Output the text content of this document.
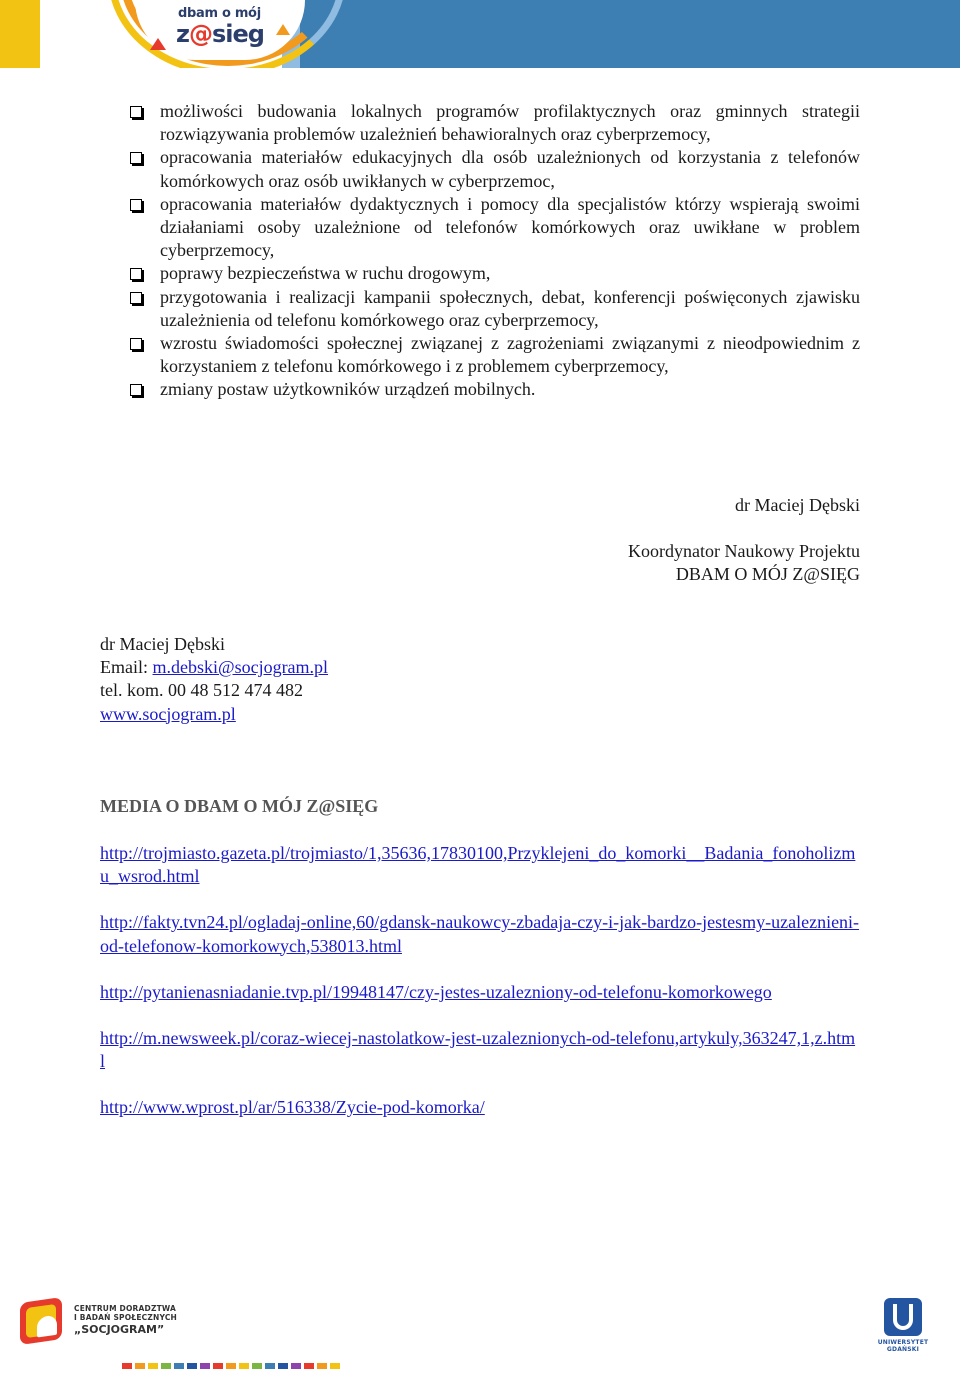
dbam o mój
z@sieg
możliwości budowania lokalnych programów profilaktycznych oraz gminnych strategii rozwiązywania problemów uzależnień behawioralnych oraz cyberprzemocy,
opracowania materiałów edukacyjnych dla osób uzależnionych od korzystania z telefonów komórkowych oraz osób uwikłanych w cyberprzemoc,
opracowania materiałów dydaktycznych i pomocy dla specjalistów którzy wspierają swoimi działaniami osoby uzależnione od telefonów komórkowych oraz uwikłane w problem cyberprzemocy,
poprawy bezpieczeństwa w ruchu drogowym,
przygotowania i realizacji kampanii społecznych, debat, konferencji poświęconych zjawisku uzależnienia od telefonu komórkowego oraz cyberprzemocy,
wzrostu świadomości społecznej związanej z zagrożeniami związanymi z nieodpowiednim z korzystaniem z telefonu komórkowego i z problemem cyberprzemocy,
zmiany postaw użytkowników urządzeń mobilnych.
dr Maciej Dębski
Koordynator Naukowy Projektu
DBAM O MÓJ Z@SIĘG
dr Maciej Dębski
Email: m.debski@socjogram.pl
tel. kom. 00 48 512 474 482
www.socjogram.pl
MEDIA O DBAM O MÓJ Z@SIĘG
http://trojmiasto.gazeta.pl/trojmiasto/1,35636,17830100,Przyklejeni_do_komorki__Badania_fonoholizmu_wsrod.html
http://fakty.tvn24.pl/ogladaj-online,60/gdansk-naukowcy-zbadaja-czy-i-jak-bardzo-jestesmy-uzaleznieni-od-telefonow-komorkowych,538013.html
http://pytanienasniadanie.tvp.pl/19948147/czy-jestes-uzalezniony-od-telefonu-komorkowego
http://m.newsweek.pl/coraz-wiecej-nastolatkow-jest-uzaleznionych-od-telefonu,artykuly,363247,1,z.html
http://www.wprost.pl/ar/516338/Zycie-pod-komorka/
CENTRUM DORADZTWA
I BADAŃ SPOŁECZNYCH
„SOCJOGRAM”
UNIWERSYTET GDAŃSKI
